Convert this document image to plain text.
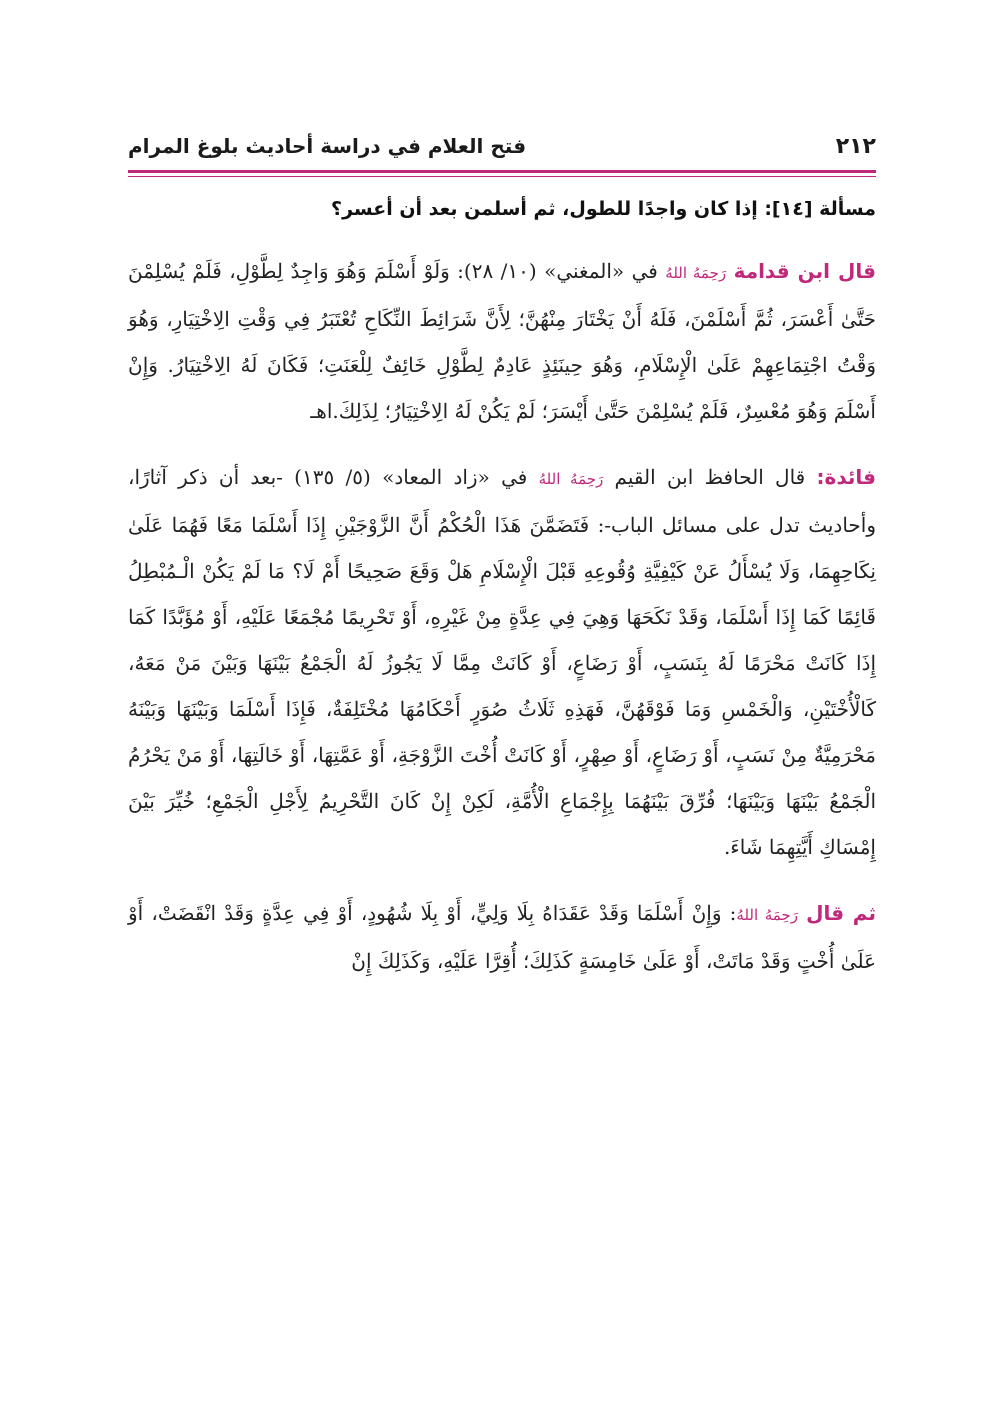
٢١٢
فتح العلام في دراسة أحاديث بلوغ المرام
مسألة [١٤]: إذا كان واجدًا للطول، ثم أسلمن بعد أن أعسر؟

قال ابن قدامة رَحِمَهُ اللهُ في «المغني» (١٠/ ٢٨): وَلَوْ أَسْلَمَ وَهُوَ وَاجِدٌ لِطَّوْلِ، فَلَمْ يُسْلِمْنَ حَتَّىٰ أَعْسَرَ، ثُمَّ أَسْلَمْنَ، فَلَهُ أَنْ يَخْتَارَ مِنْهُنَّ؛ لِأَنَّ شَرَائِطَ النِّكَاحِ تُعْتَبَرُ فِي وَقْتِ الِاخْتِيَارِ، وَهُوَ وَقْتُ اجْتِمَاعِهِمْ عَلَىٰ الْإِسْلَامِ، وَهُوَ حِينَئِذٍ عَادِمٌ لِطَّوْلِ خَائِفٌ لِلْعَنَتِ؛ فَكَانَ لَهُ الِاخْتِيَارُ. وَإِنْ أَسْلَمَ وَهُوَ مُعْسِرٌ، فَلَمْ يُسْلِمْنَ حَتَّىٰ أَيْسَرَ؛ لَمْ يَكُنْ لَهُ الِاخْتِيَارُ؛ لِذَلِكَ.اهـ

فائدة: قال الحافظ ابن القيم رَحِمَهُ اللهُ في «زاد المعاد» (٥/ ١٣٥) -بعد أن ذكر آثارًا، وأحاديث تدل على مسائل الباب-: فَتَضَمَّنَ هَذَا الْحُكْمُ أَنَّ الزَّوْجَيْنِ إِذَا أَسْلَمَا مَعًا فَهُمَا عَلَىٰ نِكَاحِهِمَا، وَلَا يُسْأَلُ عَنْ كَيْفِيَّةِ وُقُوعِهِ قَبْلَ الْإِسْلَامِ هَلْ وَقَعَ صَحِيحًا أَمْ لَا؟ مَا لَمْ يَكُنْ الْـمُبْطِلُ قَائِمًا كَمَا إِذَا أَسْلَمَا، وَقَدْ نَكَحَهَا وَهِيَ فِي عِدَّةٍ مِنْ غَيْرِهِ، أَوْ تَحْرِيمًا مُجْمَعًا عَلَيْهِ، أَوْ مُؤَبَّدًا كَمَا إِذَا كَانَتْ مَحْرَمًا لَهُ بِنَسَبٍ، أَوْ رَضَاعٍ، أَوْ كَانَتْ مِمَّا لَا يَجُوزُ لَهُ الْجَمْعُ بَيْنَهَا وَبَيْنَ مَنْ مَعَهُ، كَالْأُخْتَيْنِ، وَالْخَمْسِ وَمَا فَوْقَهُنَّ، فَهَذِهِ ثَلَاثُ صُوَرٍ أَحْكَامُهَا مُخْتَلِفَةٌ، فَإِذَا أَسْلَمَا وَبَيْنَهَا وَبَيْنَهُ مَحْرَمِيَّةٌ مِنْ نَسَبٍ، أَوْ رَضَاعٍ، أَوْ صِهْرٍ، أَوْ كَانَتْ أُخْتَ الزَّوْجَةِ، أَوْ عَمَّتِهَا، أَوْ خَالَتِهَا، أَوْ مَنْ يَحْرُمُ الْجَمْعُ بَيْنَهَا وَبَيْنَهَا؛ فُرِّقَ بَيْنَهُمَا بِإِجْمَاعِ الْأُمَّةِ، لَكِنْ إِنْ كَانَ التَّحْرِيمُ لِأَجْلِ الْجَمْعِ؛ خُيِّرَ بَيْنَ إِمْسَاكِ أَيَّتِهِمَا شَاءَ.

ثم قال رَحِمَهُ اللهُ: وَإِنْ أَسْلَمَا وَقَدْ عَقَدَاهُ بِلَا وَلِيٍّ، أَوْ بِلَا شُهُودٍ، أَوْ فِي عِدَّةٍ وَقَدْ انْقَضَتْ، أَوْ عَلَىٰ أُخْتٍ وَقَدْ مَاتَتْ، أَوْ عَلَىٰ خَامِسَةٍ كَذَلِكَ؛ أُقِرَّا عَلَيْهِ، وَكَذَلِكَ إِنْ
